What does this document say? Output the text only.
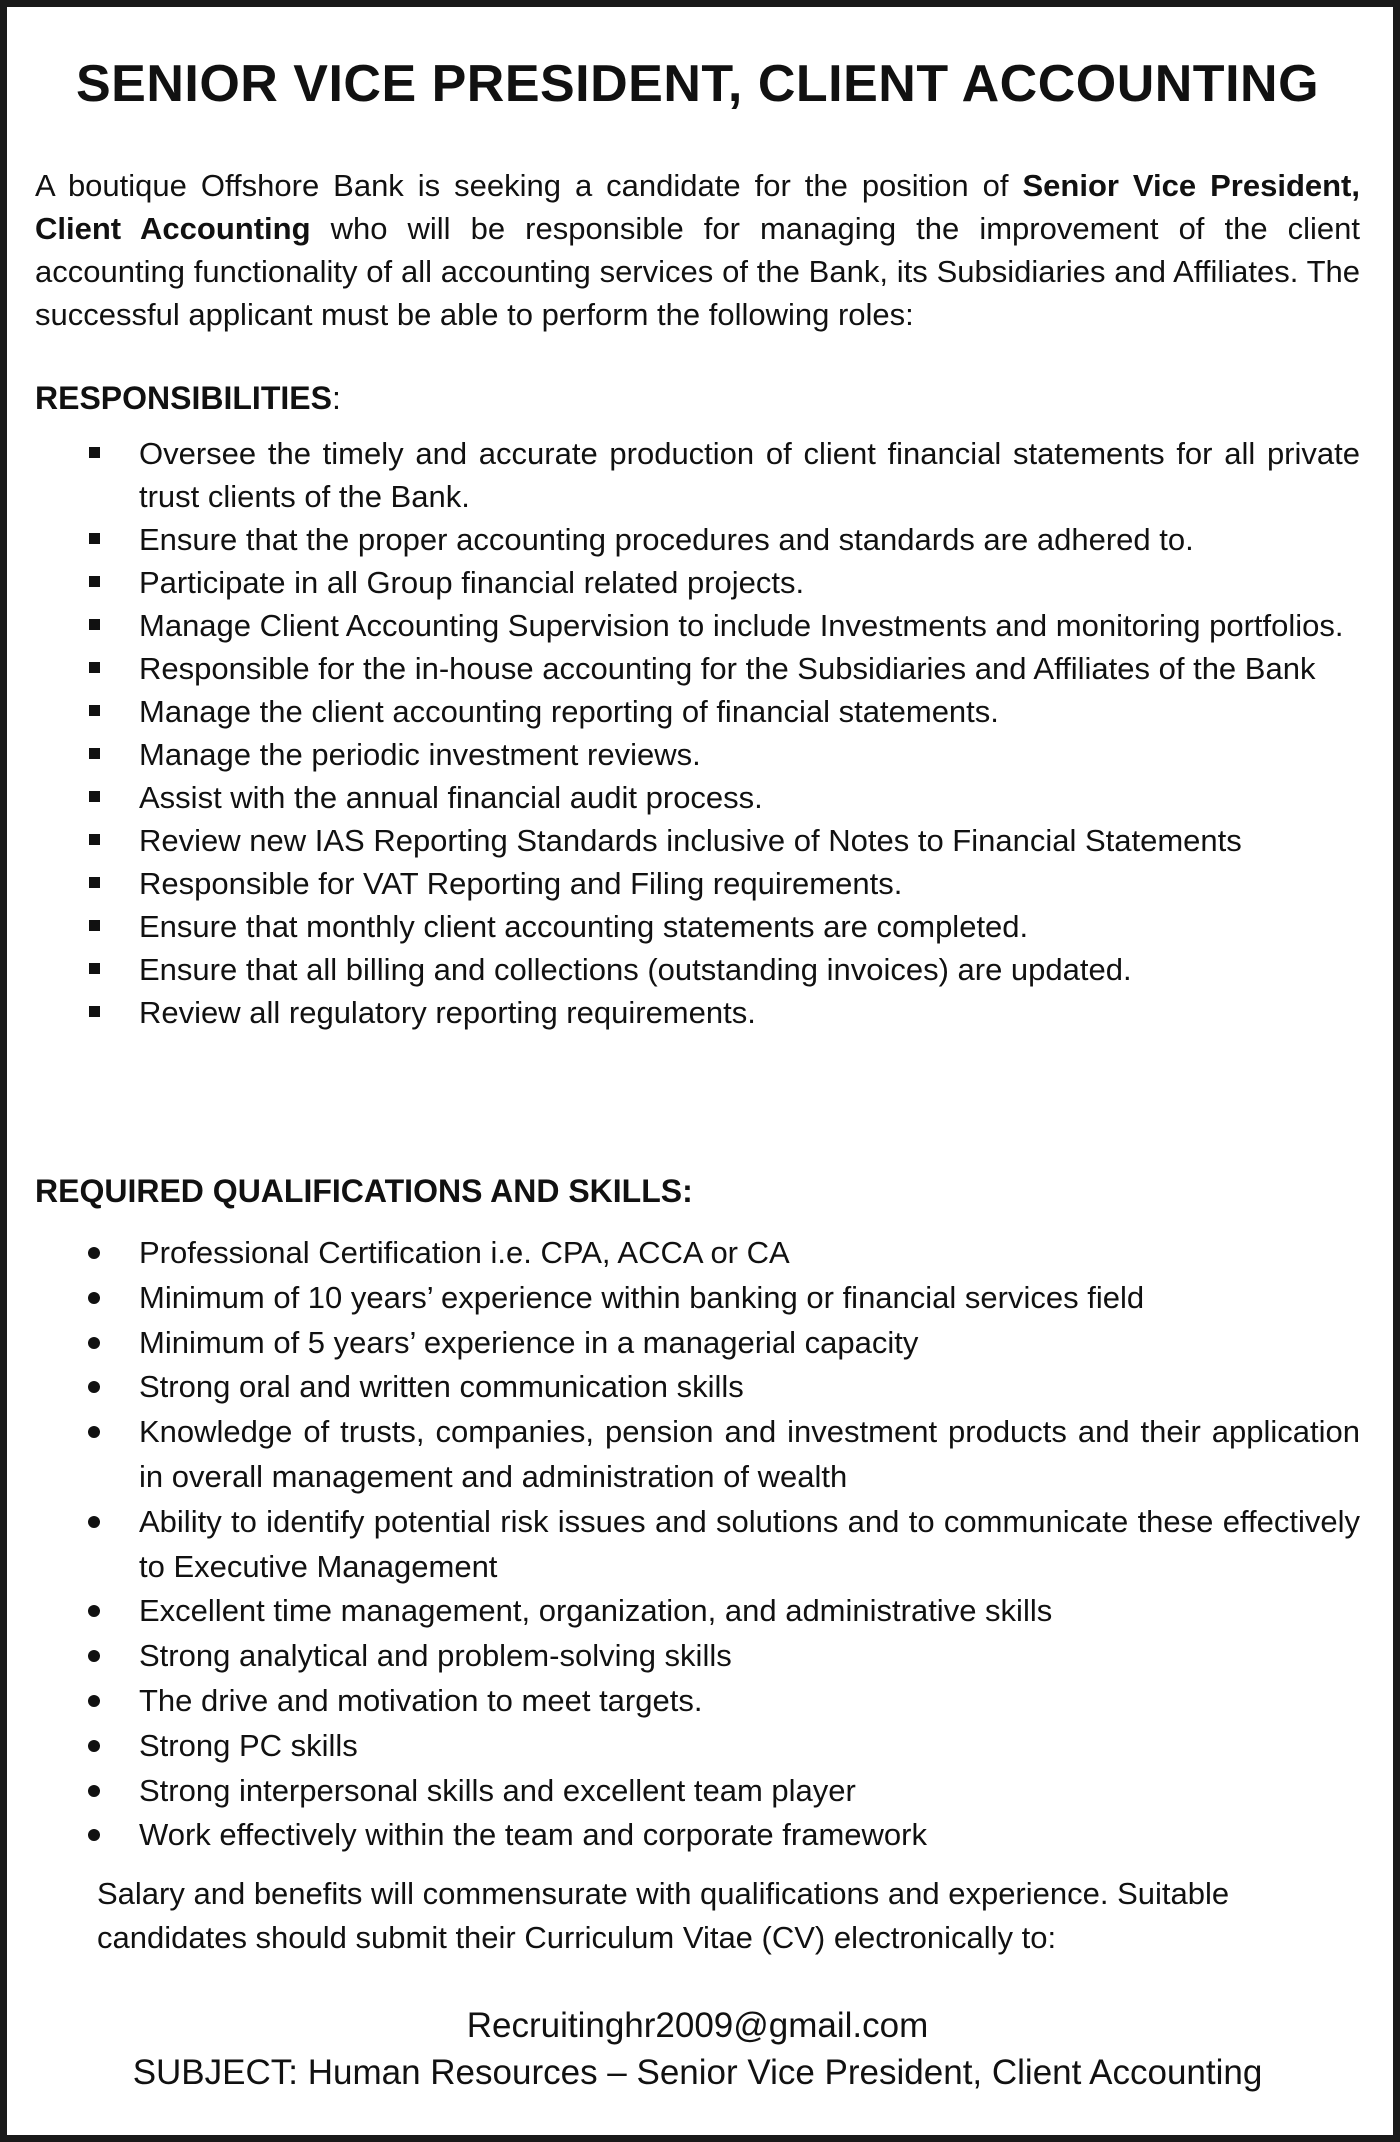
SENIOR VICE PRESIDENT, CLIENT ACCOUNTING

A boutique Offshore Bank is seeking a candidate for the position of Senior Vice President, Client Accounting who will be responsible for managing the improvement of the client accounting functionality of all accounting services of the Bank, its Subsidiaries and Affiliates. The successful applicant must be able to perform the following roles:

RESPONSIBILITIES:
Oversee the timely and accurate production of client financial statements for all private trust clients of the Bank.
Ensure that the proper accounting procedures and standards are adhered to.
Participate in all Group financial related projects.
Manage Client Accounting Supervision to include Investments and monitoring portfolios.
Responsible for the in-house accounting for the Subsidiaries and Affiliates of the Bank
Manage the client accounting reporting of financial statements.
Manage the periodic investment reviews.
Assist with the annual financial audit process.
Review new IAS Reporting Standards inclusive of Notes to Financial Statements
Responsible for VAT Reporting and Filing requirements.
Ensure that monthly client accounting statements are completed.
Ensure that all billing and collections (outstanding invoices) are updated.
Review all regulatory reporting requirements.
REQUIRED QUALIFICATIONS AND SKILLS:
Professional Certification i.e. CPA, ACCA or CA
Minimum of 10 years’ experience within banking or financial services field
Minimum of 5 years’ experience in a managerial capacity
Strong oral and written communication skills
Knowledge of trusts, companies, pension and investment products and their application in overall management and administration of wealth
Ability to identify potential risk issues and solutions and to communicate these effectively to Executive Management
Excellent time management, organization, and administrative skills
Strong analytical and problem-solving skills
The drive and motivation to meet targets.
Strong PC skills
Strong interpersonal skills and excellent team player
Work effectively within the team and corporate framework

Salary and benefits will commensurate with qualifications and experience. Suitable candidates should submit their Curriculum Vitae (CV) electronically to:

Recruitinghr2009@gmail.com
SUBJECT: Human Resources – Senior Vice President, Client Accounting
